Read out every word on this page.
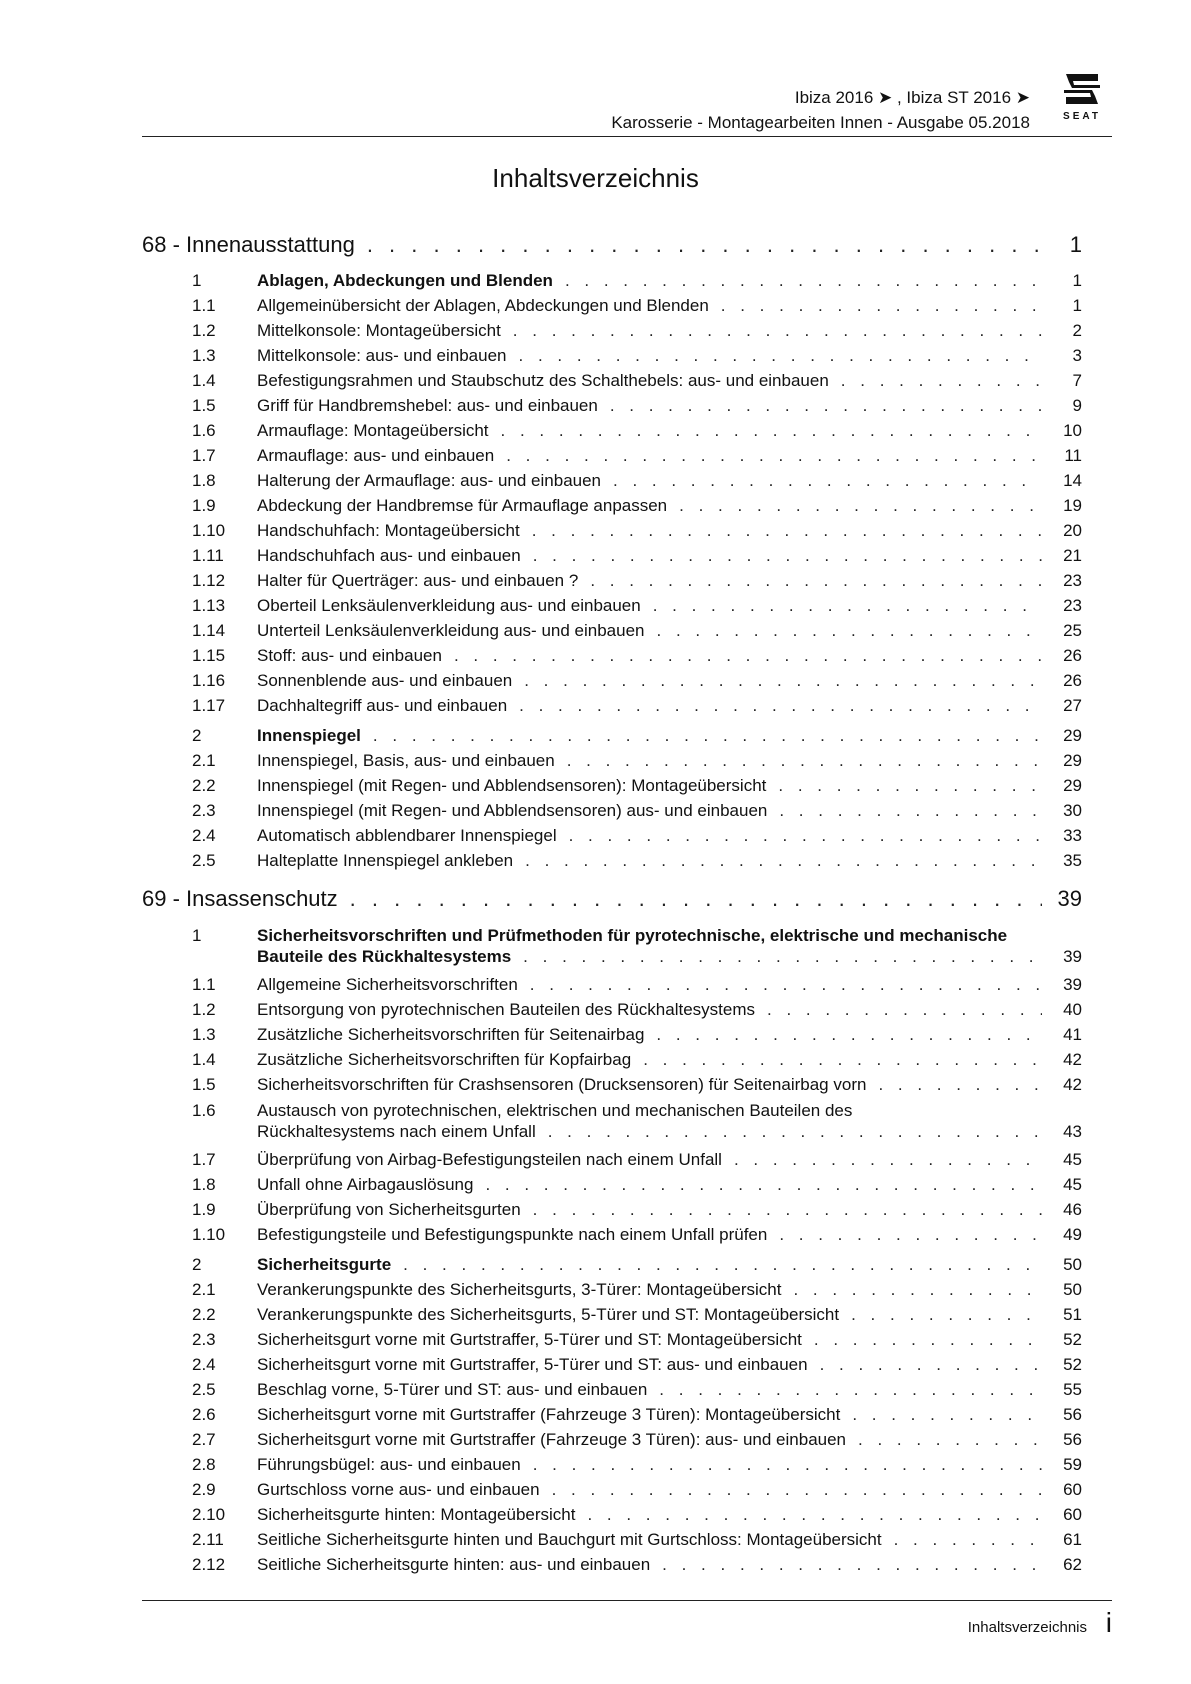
Ibiza 2016 ➤ , Ibiza ST 2016 ➤
Karosserie - Montagearbeiten Innen - Ausgabe 05.2018	SEAT
Inhaltsverzeichnis
68 - Innenausstattung . . .	1
1	Ablagen, Abdeckungen und Blenden . . .	1
1.1	Allgemeinübersicht der Ablagen, Abdeckungen und Blenden . . .	1
1.2	Mittelkonsole: Montageübersicht . . .	2
1.3	Mittelkonsole: aus- und einbauen . . .	3
1.4	Befestigungsrahmen und Staubschutz des Schalthebels: aus- und einbauen . . .	7
1.5	Griff für Handbremshebel: aus- und einbauen . . .	9
1.6	Armauflage: Montageübersicht . . .	10
1.7	Armauflage: aus- und einbauen . . .	11
1.8	Halterung der Armauflage: aus- und einbauen . . .	14
1.9	Abdeckung der Handbremse für Armauflage anpassen . . .	19
1.10	Handschuhfach: Montageübersicht . . .	20
1.11	Handschuhfach aus- und einbauen . . .	21
1.12	Halter für Querträger: aus- und einbauen ? . . .	23
1.13	Oberteil Lenksäulenverkleidung aus- und einbauen . . .	23
1.14	Unterteil Lenksäulenverkleidung aus- und einbauen . . .	25
1.15	Stoff: aus- und einbauen . . .	26
1.16	Sonnenblende aus- und einbauen . . .	26
1.17	Dachhaltegriff aus- und einbauen . . .	27
2	Innenspiegel . . .	29
2.1	Innenspiegel, Basis, aus- und einbauen . . .	29
2.2	Innenspiegel (mit Regen- und Abblendsensoren): Montageübersicht . . .	29
2.3	Innenspiegel (mit Regen- und Abblendsensoren) aus- und einbauen . . .	30
2.4	Automatisch abblendbarer Innenspiegel . . .	33
2.5	Halteplatte Innenspiegel ankleben . . .	35
69 - Insassenschutz . . .	39
1	Sicherheitsvorschriften und Prüfmethoden für pyrotechnische, elektrische und mechanische
Bauteile des Rückhaltesystems . . .	39
1.1	Allgemeine Sicherheitsvorschriften . . .	39
1.2	Entsorgung von pyrotechnischen Bauteilen des Rückhaltesystems . . .	40
1.3	Zusätzliche Sicherheitsvorschriften für Seitenairbag . . .	41
1.4	Zusätzliche Sicherheitsvorschriften für Kopfairbag . . .	42
1.5	Sicherheitsvorschriften für Crashsensoren (Drucksensoren) für Seitenairbag vorn . . .	42
1.6	Austausch von pyrotechnischen, elektrischen und mechanischen Bauteilen des
Rückhaltesystems nach einem Unfall . . .	43
1.7	Überprüfung von Airbag-Befestigungsteilen nach einem Unfall . . .	45
1.8	Unfall ohne Airbagauslösung . . .	45
1.9	Überprüfung von Sicherheitsgurten . . .	46
1.10	Befestigungsteile und Befestigungspunkte nach einem Unfall prüfen . . .	49
2	Sicherheitsgurte . . .	50
2.1	Verankerungspunkte des Sicherheitsgurts, 3-Türer: Montageübersicht . . .	50
2.2	Verankerungspunkte des Sicherheitsgurts, 5-Türer und ST: Montageübersicht . . .	51
2.3	Sicherheitsgurt vorne mit Gurtstraffer, 5-Türer und ST: Montageübersicht . . .	52
2.4	Sicherheitsgurt vorne mit Gurtstraffer, 5-Türer und ST: aus- und einbauen . . .	52
2.5	Beschlag vorne, 5-Türer und ST: aus- und einbauen . . .	55
2.6	Sicherheitsgurt vorne mit Gurtstraffer (Fahrzeuge 3 Türen): Montageübersicht . . .	56
2.7	Sicherheitsgurt vorne mit Gurtstraffer (Fahrzeuge 3 Türen): aus- und einbauen . . .	56
2.8	Führungsbügel: aus- und einbauen . . .	59
2.9	Gurtschloss vorne aus- und einbauen . . .	60
2.10	Sicherheitsgurte hinten: Montageübersicht . . .	60
2.11	Seitliche Sicherheitsgurte hinten und Bauchgurt mit Gurtschloss: Montageübersicht . . .	61
2.12	Seitliche Sicherheitsgurte hinten: aus- und einbauen . . .	62
Inhaltsverzeichnis i
